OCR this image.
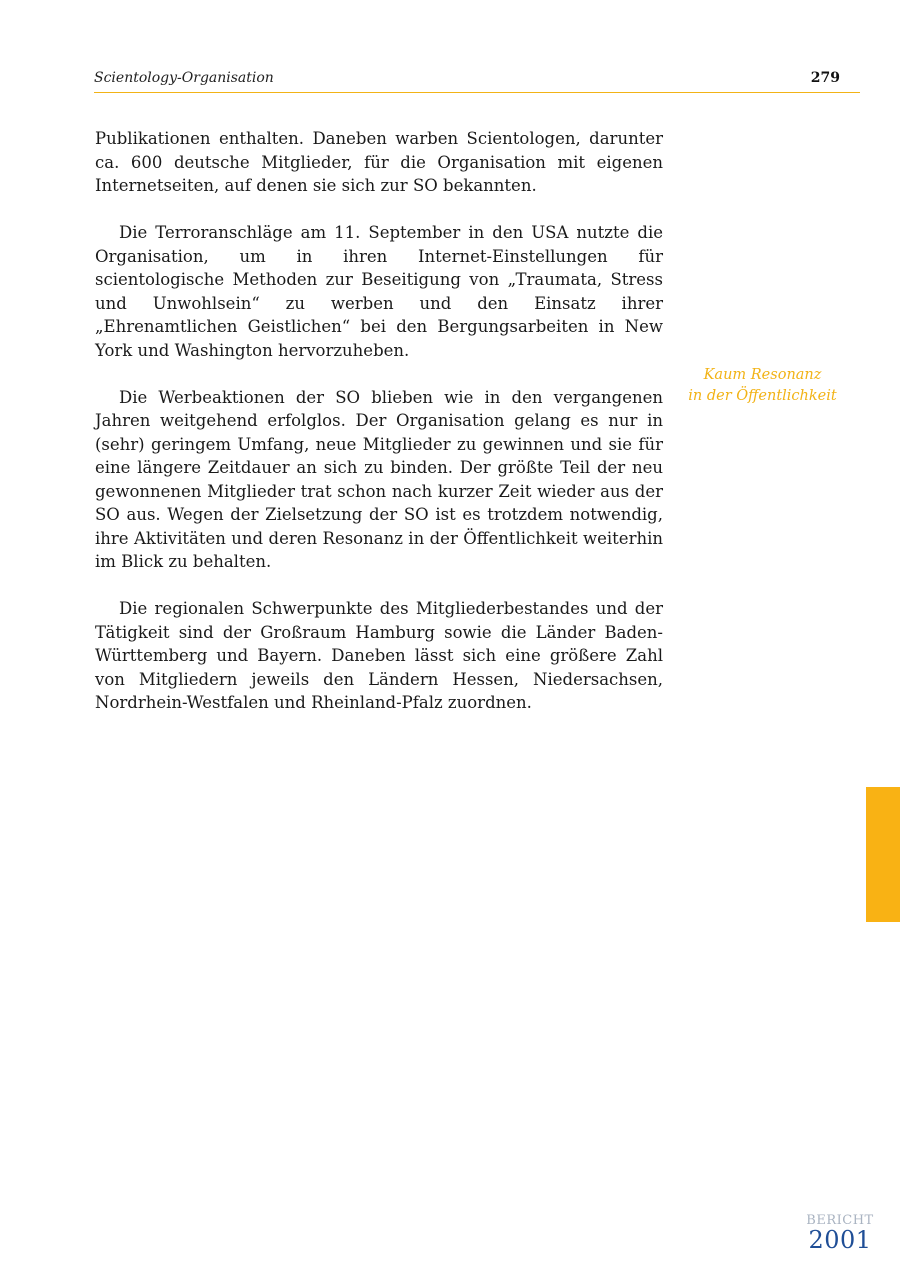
Scientology-Organisation	279

Publikationen enthalten. Daneben warben Scientologen, darunter ca. 600 deutsche Mitglieder, für die Organisation mit eigenen Internetseiten, auf denen sie sich zur SO bekannten.

Die Terroranschläge am 11. September in den USA nutzte die Organisation, um in ihren Internet-Einstellungen für scientologische Methoden zur Beseitigung von „Traumata, Stress und Unwohlsein“ zu werben und den Einsatz ihrer „Ehrenamtlichen Geistlichen“ bei den Bergungsarbeiten in New York und Washington hervorzuheben.

Die Werbeaktionen der SO blieben wie in den vergangenen Jahren weitgehend erfolglos. Der Organisation gelang es nur in (sehr) geringem Umfang, neue Mitglieder zu gewinnen und sie für eine längere Zeitdauer an sich zu binden. Der größte Teil der neu gewonnenen Mitglieder trat schon nach kurzer Zeit wieder aus der SO aus. Wegen der Zielsetzung der SO ist es trotzdem notwendig, ihre Aktivitäten und deren Resonanz in der Öffentlichkeit weiterhin im Blick zu behalten.

Die regionalen Schwerpunkte des Mitgliederbestandes und der Tätigkeit sind der Großraum Hamburg sowie die Länder Baden-Württemberg und Bayern. Daneben lässt sich eine größere Zahl von Mitgliedern jeweils den Ländern Hessen, Niedersachsen, Nordrhein-Westfalen und Rheinland-Pfalz zuordnen.

Kaum Resonanz
in der Öffentlichkeit
BERICHT
2001
